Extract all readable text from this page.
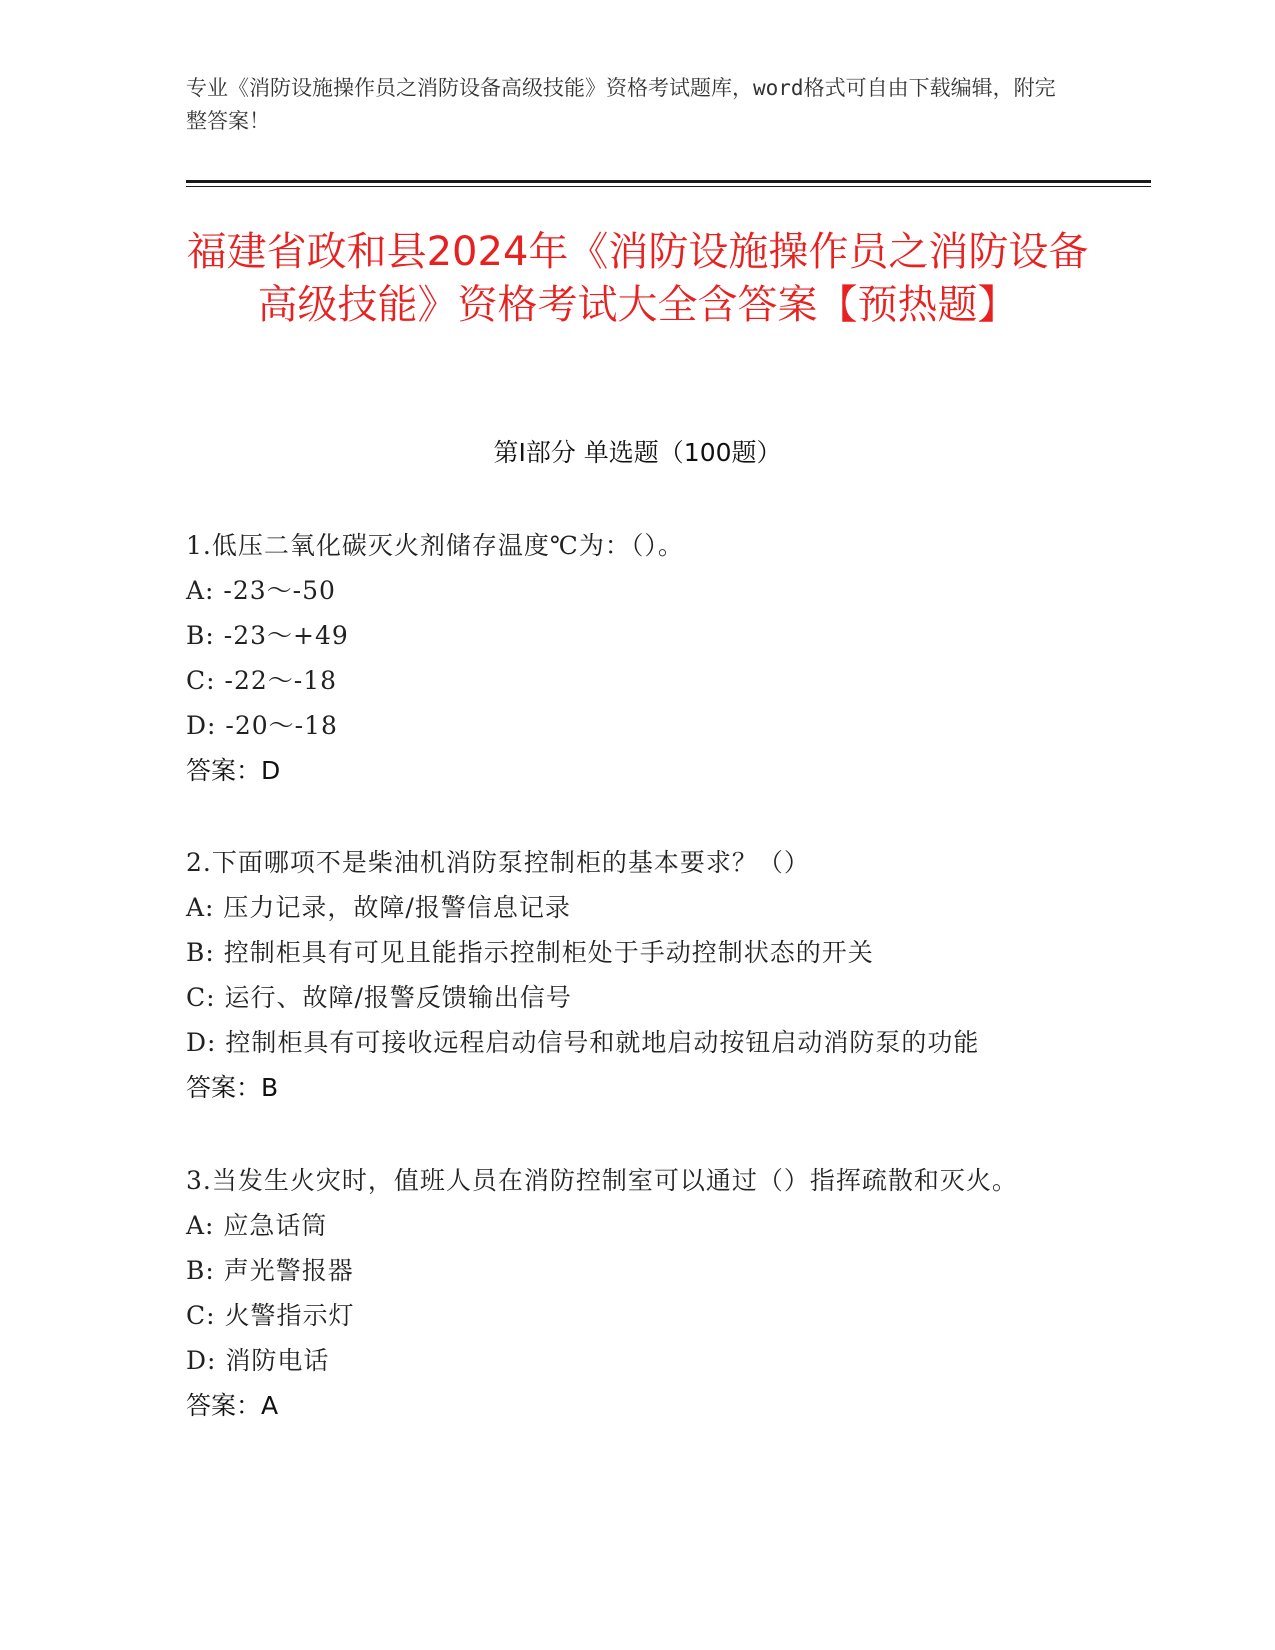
专业《消防设施操作员之消防设备高级技能》资格考试题库，word格式可自由下载编辑，附完整答案！
福建省政和县2024年《消防设施操作员之消防设备高级技能》资格考试大全含答案【预热题】
第I部分 单选题（100题）
1.低压二氧化碳灭火剂储存温度℃为：（）。
A: -23～-50
B: -23～+49
C: -22～-18
D: -20～-18
答案：D
2.下面哪项不是柴油机消防泵控制柜的基本要求？（）
A: 压力记录，故障/报警信息记录
B: 控制柜具有可见且能指示控制柜处于手动控制状态的开关
C: 运行、故障/报警反馈输出信号
D: 控制柜具有可接收远程启动信号和就地启动按钮启动消防泵的功能
答案：B
3.当发生火灾时，值班人员在消防控制室可以通过（）指挥疏散和灭火。
A: 应急话筒
B: 声光警报器
C: 火警指示灯
D: 消防电话
答案：A
